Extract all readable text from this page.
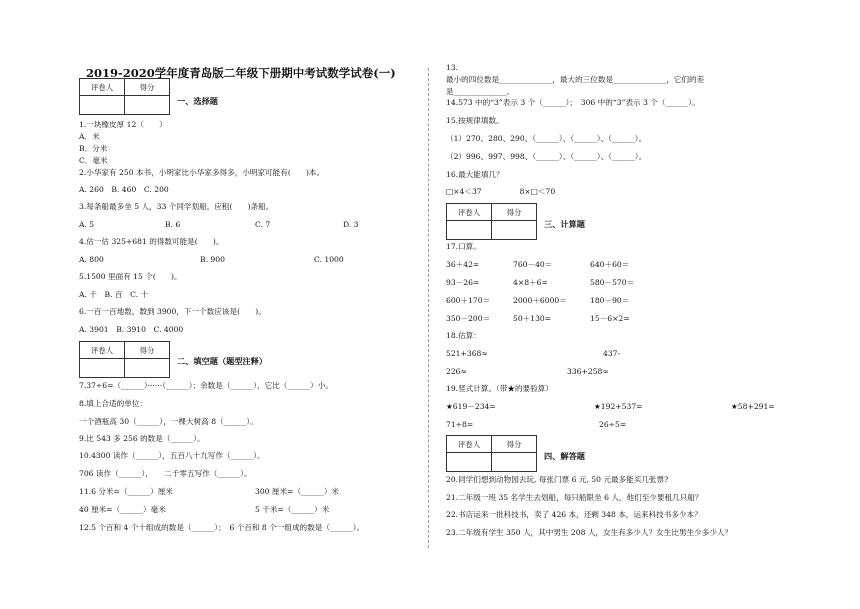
2019-2020学年度青岛版二年级下册期中考试数学试卷(一)
评卷人	得分

一、选择题
1.一块橡皮厚 12（　　）
A．米
B．分米
C．毫米
2.小华家有 250 本书，小明家比小华家多得多，小明家可能有(　　)本。
A. 260　B. 460　C. 200
3.每条船最多坐 5 人，33 个同学划船，应租(　　)条船。
A. 5	B. 6	C. 7	D. 3
4.估一估 325+681 的得数可能是(　　)。
A. 800	B. 900	C. 1000
5.1500 里面有 15 个(　　)。
A. 千　B. 百　C. 十
6.一百一百地数，数到 3900，下一个数应该是(　　)。
A. 3901　B. 3910　C. 4000
评卷人	得分

二、填空题（题型注释）
7.37÷6=（______）······（______）；余数是（______），它比（______）小。
8.填上合适的单位：
一个酒瓶高 30（______），一棵大树高 8（______）。
9.比 543 多 256 的数是（______）。
10.4300 读作（______），五百八十九写作（______）。
706 读作（______），　　二千零五写作（______）。
11.6 分米=（______）厘米	300 厘米=（______）米
40 厘米=（______）毫米	5 千米=（______）米
12.5 个百和 4 个十组成的数是（______）；　6 个百和 8 个一组成的数是（______）。
13.
最小的四位数是______________，最大的三位数是______________，它们的差
是______________。
14.573 中的“3”表示 3 个（______）；　306 中的“3”表示 3 个（______）。
15.按规律填数。
（1）270、280、290、（______）、（______）、（______）。
（2）996、997、998、（______）、（______）、（______）。
16.最大能填几？
□×4＜37　　　　　8×□＜70
评卷人	得分

三、计算题
17.口算。
36＋42=	760－40＝	640＋60＝
93－26=	4×8＋6=	580－570＝
600＋170＝	2000＋6000＝	180－90＝
350－200＝	50＋130=	15－6×2=
18.估算：
521+368≈	437-
226≈	336+258≈
19.竖式计算。（带★的要验算）
★619－234=	★192+537=	★58+291=
71÷8=	26÷5=
评卷人	得分

四、解答题
20.同学们想到动物园去玩, 每张门票 6 元, 50 元最多能买几张票?
21.二年级一班 35 名学生去划船，每只船限坐 6 人，他们至少要租几只船？
22.书店运来一批科技书，卖了 426 本，还剩 348 本，运来科技书多少本？
23.二年级有学生 350 人，其中男生 208 人，女生有多少人？女生比男生少多少人？
